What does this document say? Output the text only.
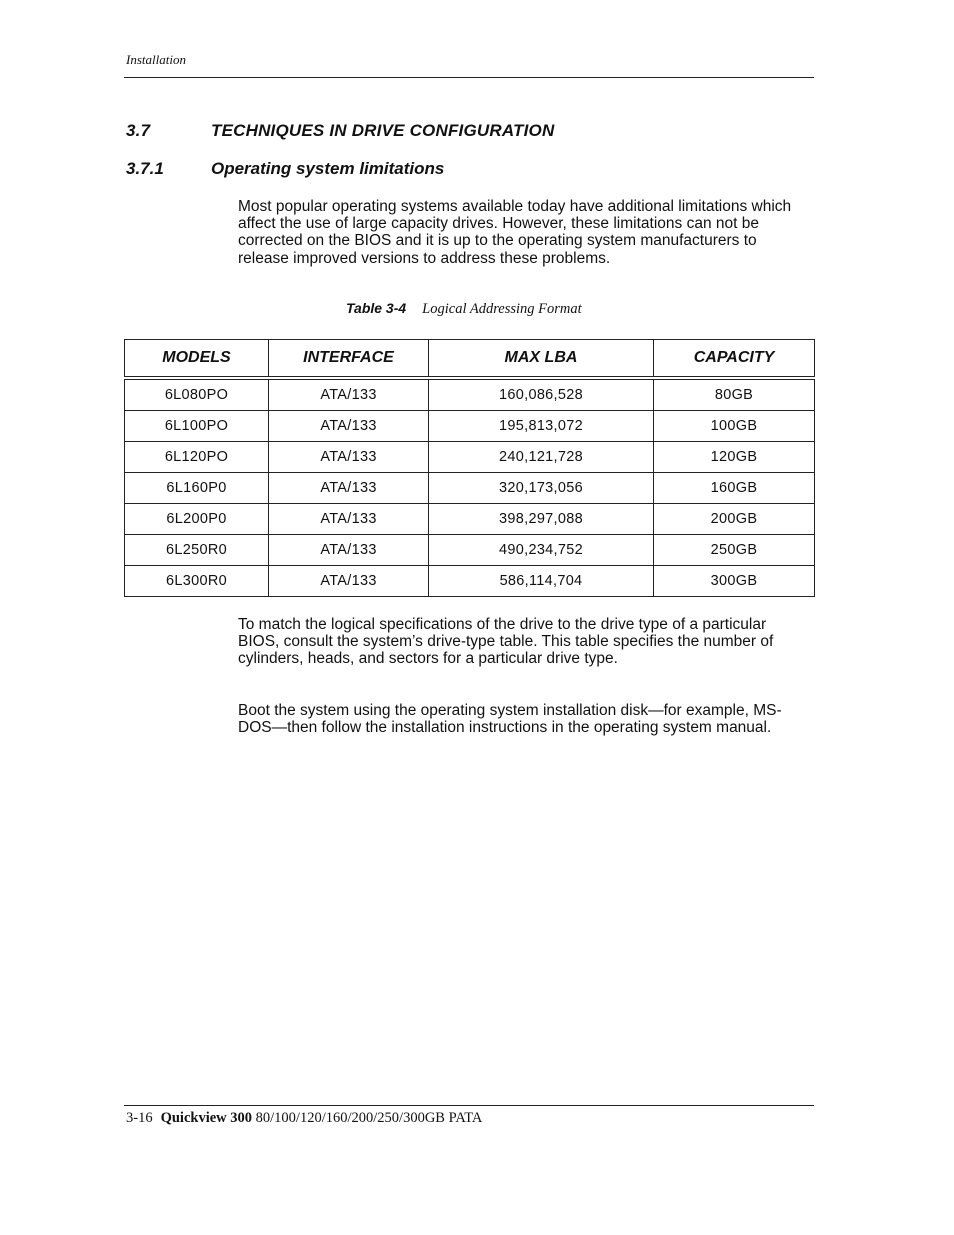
Installation
3.7	TECHNIQUES IN DRIVE CONFIGURATION
3.7.1	Operating system limitations

Most popular operating systems available today have additional limitations which affect the use of large capacity drives. However, these limitations can not be corrected on the BIOS and it is up to the operating system manufacturers to release improved versions to address these problems.

Table 3-4 Logical Addressing Format
MODELS	INTERFACE	MAX LBA	CAPACITY
6L080PO	ATA/133	160,086,528	80GB
6L100PO	ATA/133	195,813,072	100GB
6L120PO	ATA/133	240,121,728	120GB
6L160P0	ATA/133	320,173,056	160GB
6L200P0	ATA/133	398,297,088	200GB
6L250R0	ATA/133	490,234,752	250GB
6L300R0	ATA/133	586,114,704	300GB

To match the logical specifications of the drive to the drive type of a particular BIOS, consult the system’s drive-type table. This table specifies the number of cylinders, heads, and sectors for a particular drive type.

Boot the system using the operating system installation disk—for example, MS-DOS—then follow the installation instructions in the operating system manual.

3-16 Quickview 300 80/100/120/160/200/250/300GB PATA
